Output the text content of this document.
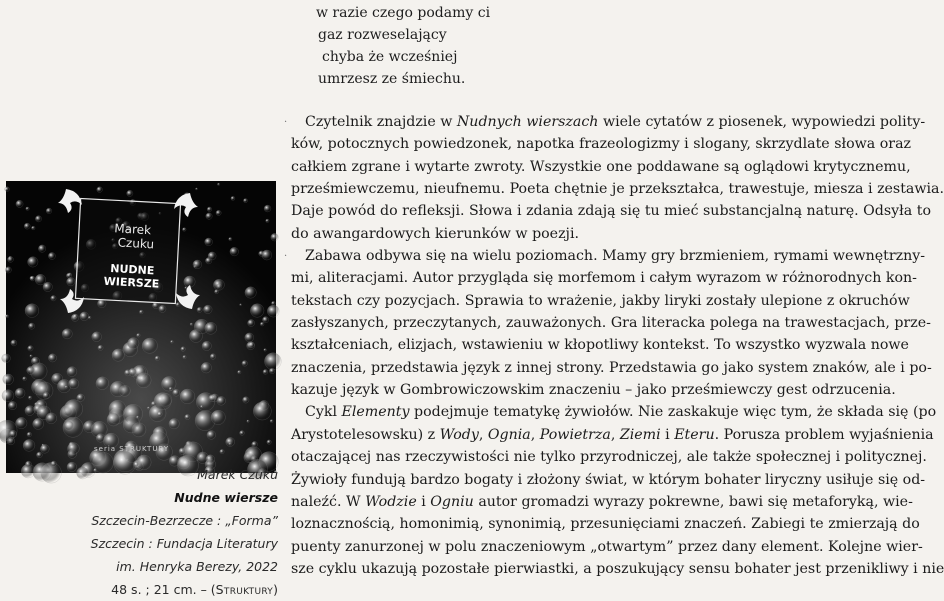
w razie czego podamy ci
gaz rozweselający
chyba że wcześniej
umrzesz ze śmiechu.
MarekCzuku
NUDNEWIERSZE
seria STRUKTURY
Marek Czuku
Nudne wiersze
Szczecin-Bezrzecze : „Forma”
Szczecin : Fundacja Literatury
im. Henryka Berezy, 2022
48 s. ; 21 cm. – (Struktury)
·
·
Czytelnik znajdzie w Nudnych wierszach wiele cytatów z piosenek, wypowiedzi polity-
ków, potocznych powiedzonek, napotka frazeologizmy i slogany, skrzydlate słowa oraz
całkiem zgrane i wytarte zwroty. Wszystkie one poddawane są oglądowi krytycznemu,
prześmiewczemu, nieufnemu. Poeta chętnie je przekształca, trawestuje, miesza i zestawia.
Daje powód do refleksji. Słowa i zdania zdają się tu mieć substancjalną naturę. Odsyła to
do awangardowych kierunków w poezji.
Zabawa odbywa się na wielu poziomach. Mamy gry brzmieniem, rymami wewnętrzny-
mi, aliteracjami. Autor przygląda się morfemom i całym wyrazom w różnorodnych kon-
tekstach czy pozycjach. Sprawia to wrażenie, jakby liryki zostały ulepione z okruchów
zasłyszanych, przeczytanych, zauważonych. Gra literacka polega na trawestacjach, prze-
kształceniach, elizjach, wstawieniu w kłopotliwy kontekst. To wszystko wyzwala nowe
znaczenia, przedstawia język z innej strony. Przedstawia go jako system znaków, ale i po-
kazuje język w Gombrowiczowskim znaczeniu – jako prześmiewczy gest odrzucenia.
Cykl Elementy podejmuje tematykę żywiołów. Nie zaskakuje więc tym, że składa się (po
Arystotelesowsku) z Wody, Ognia, Powietrza, Ziemi i Eteru. Porusza problem wyjaśnienia
otaczającej nas rzeczywistości nie tylko przyrodniczej, ale także społecznej i politycznej.
Żywioły fundują bardzo bogaty i złożony świat, w którym bohater liryczny usiłuje się od-
naleźć. W Wodzie i Ogniu autor gromadzi wyrazy pokrewne, bawi się metaforyką, wie-
loznacznością, homonimią, synonimią, przesunięciami znaczeń. Zabiegi te zmierzają do
puenty zanurzonej w polu znaczeniowym „otwartym” przez dany element. Kolejne wier-
sze cyklu ukazują pozostałe pierwiastki, a poszukujący sensu bohater jest przenikliwy i nie
